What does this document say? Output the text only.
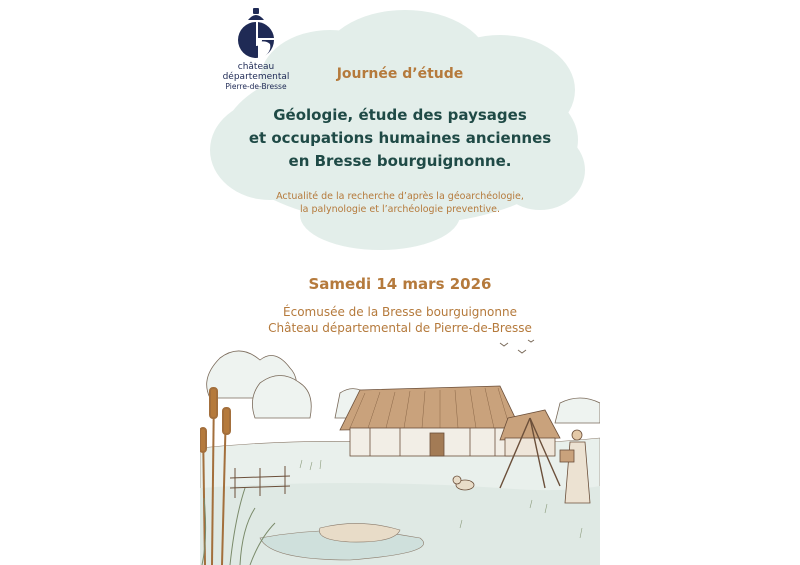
château
départemental
Pierre-de-Bresse
Journée d’étude
Géologie, étude des paysages
et occupations humaines anciennes
en Bresse bourguignonne.
Actualité de la recherche d’après la géoarchéologie,
la palynologie et l’archéologie preventive.
Samedi 14 mars 2026
Écomusée de la Bresse bourguignonne
Château départemental de Pierre-de-Bresse
